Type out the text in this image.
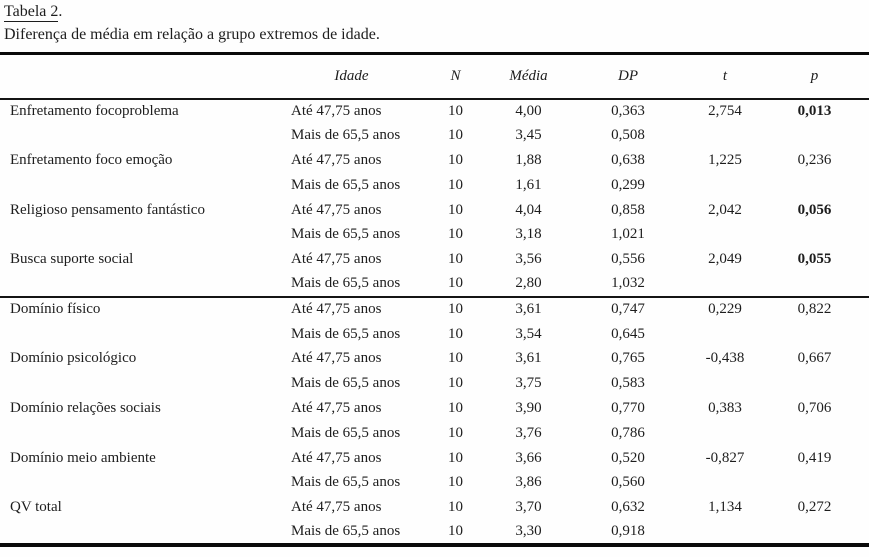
Tabela 2.
Diferença de média em relação a grupo extremos de idade.
	Idade	N	Média	DP	t	p
Enfretamento focoproblema	Até 47,75 anos	10	4,00	0,363	2,754	0,013
	Mais de 65,5 anos	10	3,45	0,508		
Enfretamento foco emoção	Até 47,75 anos	10	1,88	0,638	1,225	0,236
	Mais de 65,5 anos	10	1,61	0,299		
Religioso pensamento fantástico	Até 47,75 anos	10	4,04	0,858	2,042	0,056
	Mais de 65,5 anos	10	3,18	1,021		
Busca suporte social	Até 47,75 anos	10	3,56	0,556	2,049	0,055
	Mais de 65,5 anos	10	2,80	1,032		
Domínio físico	Até 47,75 anos	10	3,61	0,747	0,229	0,822
	Mais de 65,5 anos	10	3,54	0,645		
Domínio psicológico	Até 47,75 anos	10	3,61	0,765	-0,438	0,667
	Mais de 65,5 anos	10	3,75	0,583		
Domínio relações sociais	Até 47,75 anos	10	3,90	0,770	0,383	0,706
	Mais de 65,5 anos	10	3,76	0,786		
Domínio meio ambiente	Até 47,75 anos	10	3,66	0,520	-0,827	0,419
	Mais de 65,5 anos	10	3,86	0,560		
QV total	Até 47,75 anos	10	3,70	0,632	1,134	0,272
	Mais de 65,5 anos	10	3,30	0,918		
